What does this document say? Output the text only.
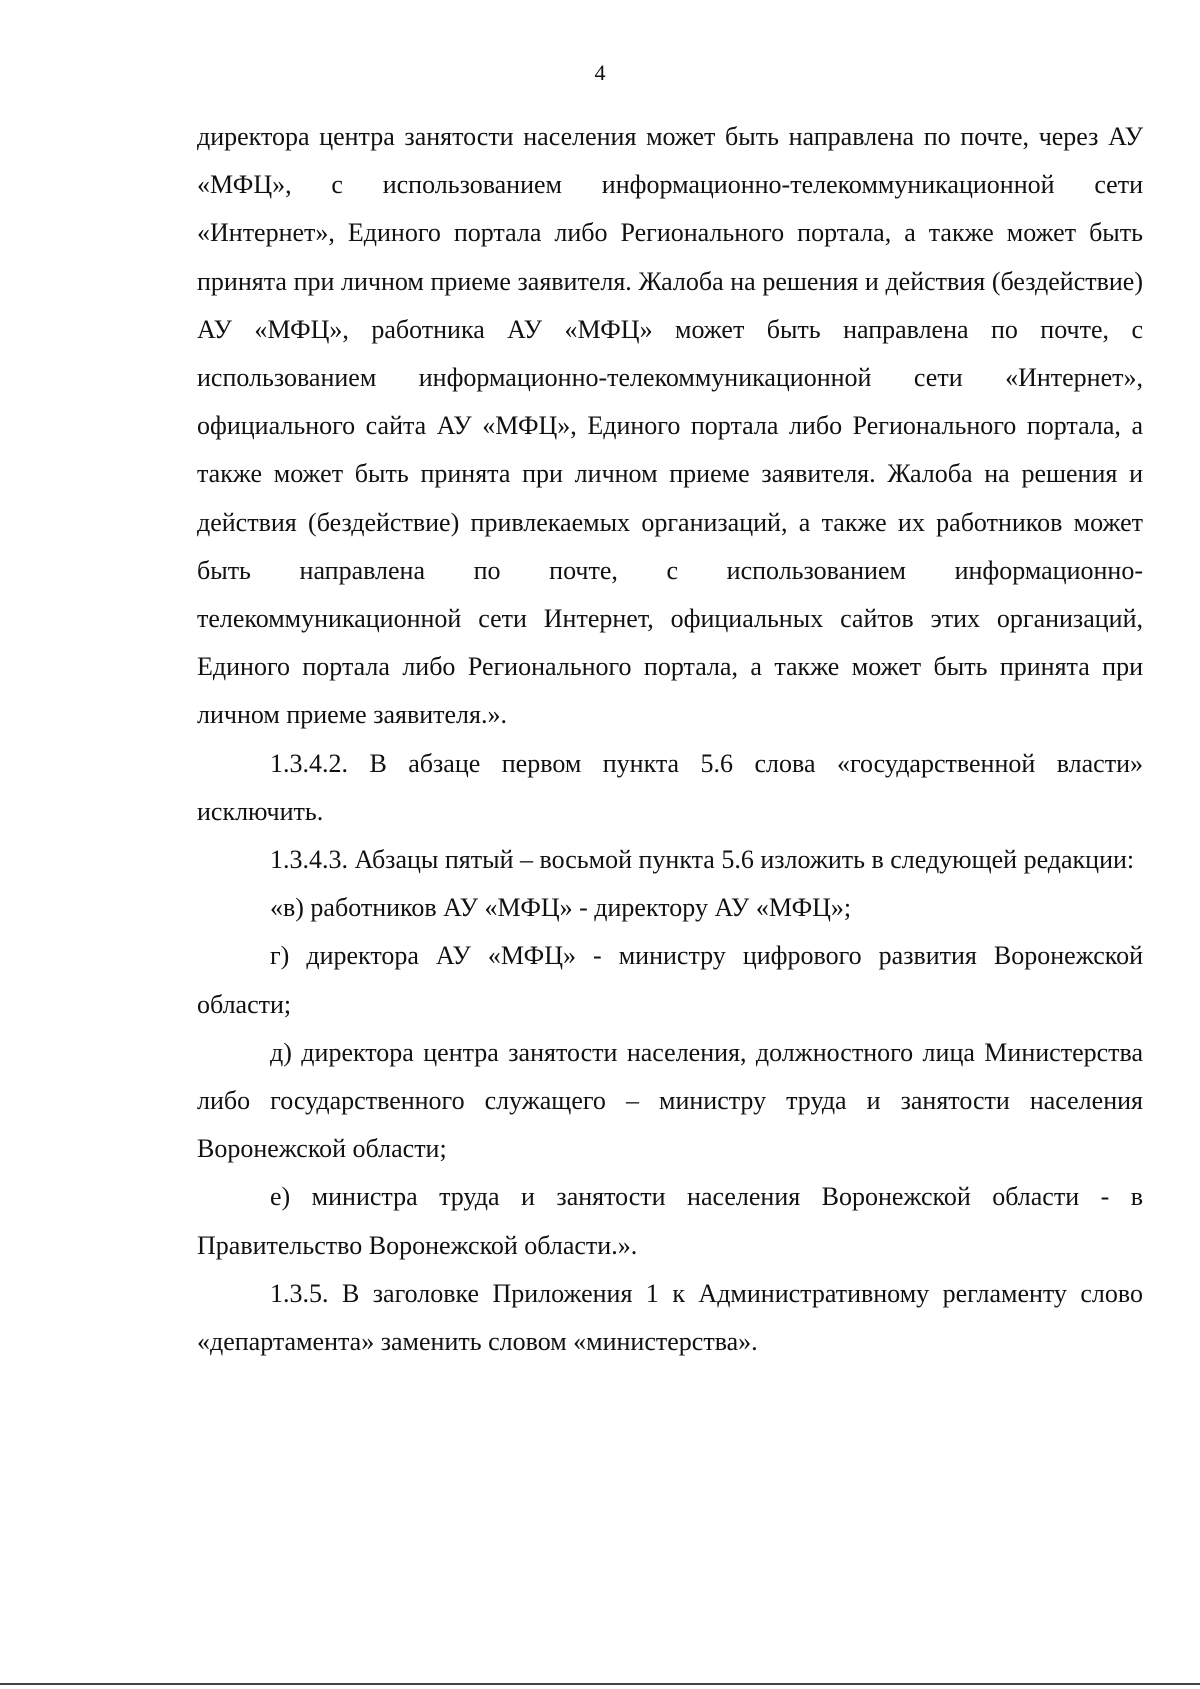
4

директора центра занятости населения может быть направлена по почте, через АУ «МФЦ», с использованием информационно-телекоммуникационной сети «Интернет», Единого портала либо Регионального портала, а также может быть принята при личном приеме заявителя. Жалоба на решения и действия (бездействие) АУ «МФЦ», работника АУ «МФЦ» может быть направлена по почте, с использованием информационно-телекоммуникационной сети «Интернет», официального сайта АУ «МФЦ», Единого портала либо Регионального портала, а также может быть принята при личном приеме заявителя. Жалоба на решения и действия (бездействие) привлекаемых организаций, а также их работников может быть направлена по почте, с использованием информационно-телекоммуникационной сети Интернет, официальных сайтов этих организаций, Единого портала либо Регионального портала, а также может быть принята при личном приеме заявителя.».

1.3.4.2. В абзаце первом пункта 5.6 слова «государственной власти» исключить.

1.3.4.3. Абзацы пятый – восьмой пункта 5.6 изложить в следующей редакции:

«в) работников АУ «МФЦ» - директору АУ «МФЦ»;

г) директора АУ «МФЦ» - министру цифрового развития Воронежской области;

д) директора центра занятости населения, должностного лица Министерства либо государственного служащего – министру труда и занятости населения Воронежской области;

е) министра труда и занятости населения Воронежской области - в Правительство Воронежской области.».

1.3.5. В заголовке Приложения 1 к Административному регламенту слово «департамента» заменить словом «министерства».
